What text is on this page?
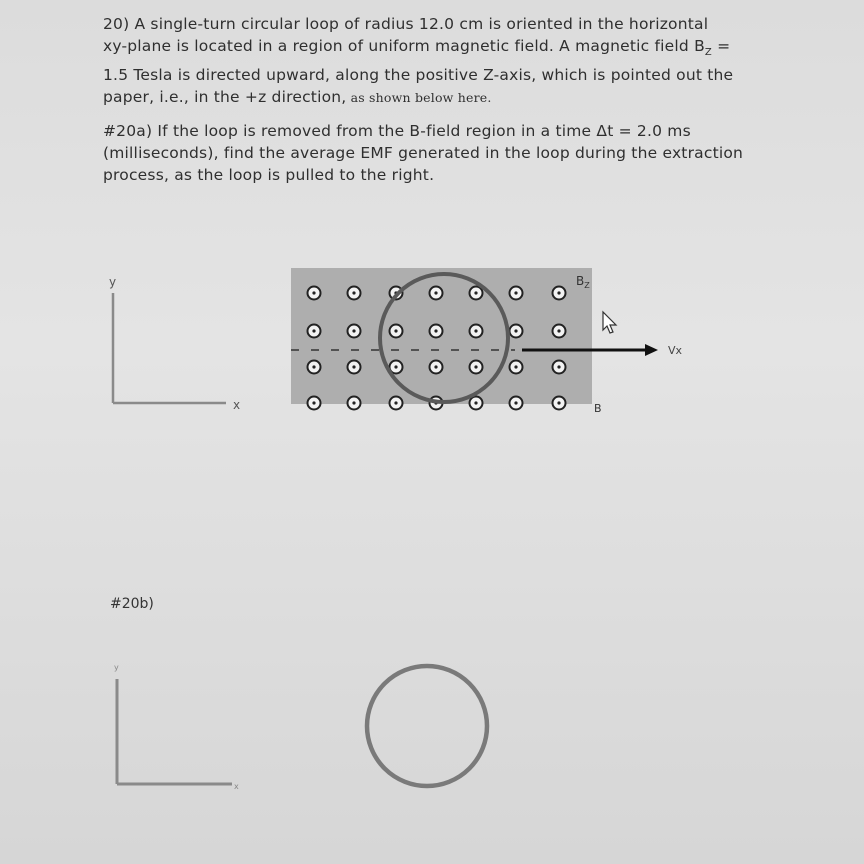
20) A single-turn circular loop of radius 12.0 cm is oriented in the horizontal
xy-plane is located in a region of uniform magnetic field. A magnetic field $B_Z$ =
1.5 Tesla is directed upward, along the positive Z-axis, which is pointed out the
paper, i.e., in the +z direction, as shown below here.
#20a) If the loop is removed from the B-field region in a time Δt = 2.0 ms
(milliseconds), find the average EMF generated in the loop during the extraction
process, as the loop is pulled to the right.
y
x
Vx
$B_Z$
B
#20b)
y
x
